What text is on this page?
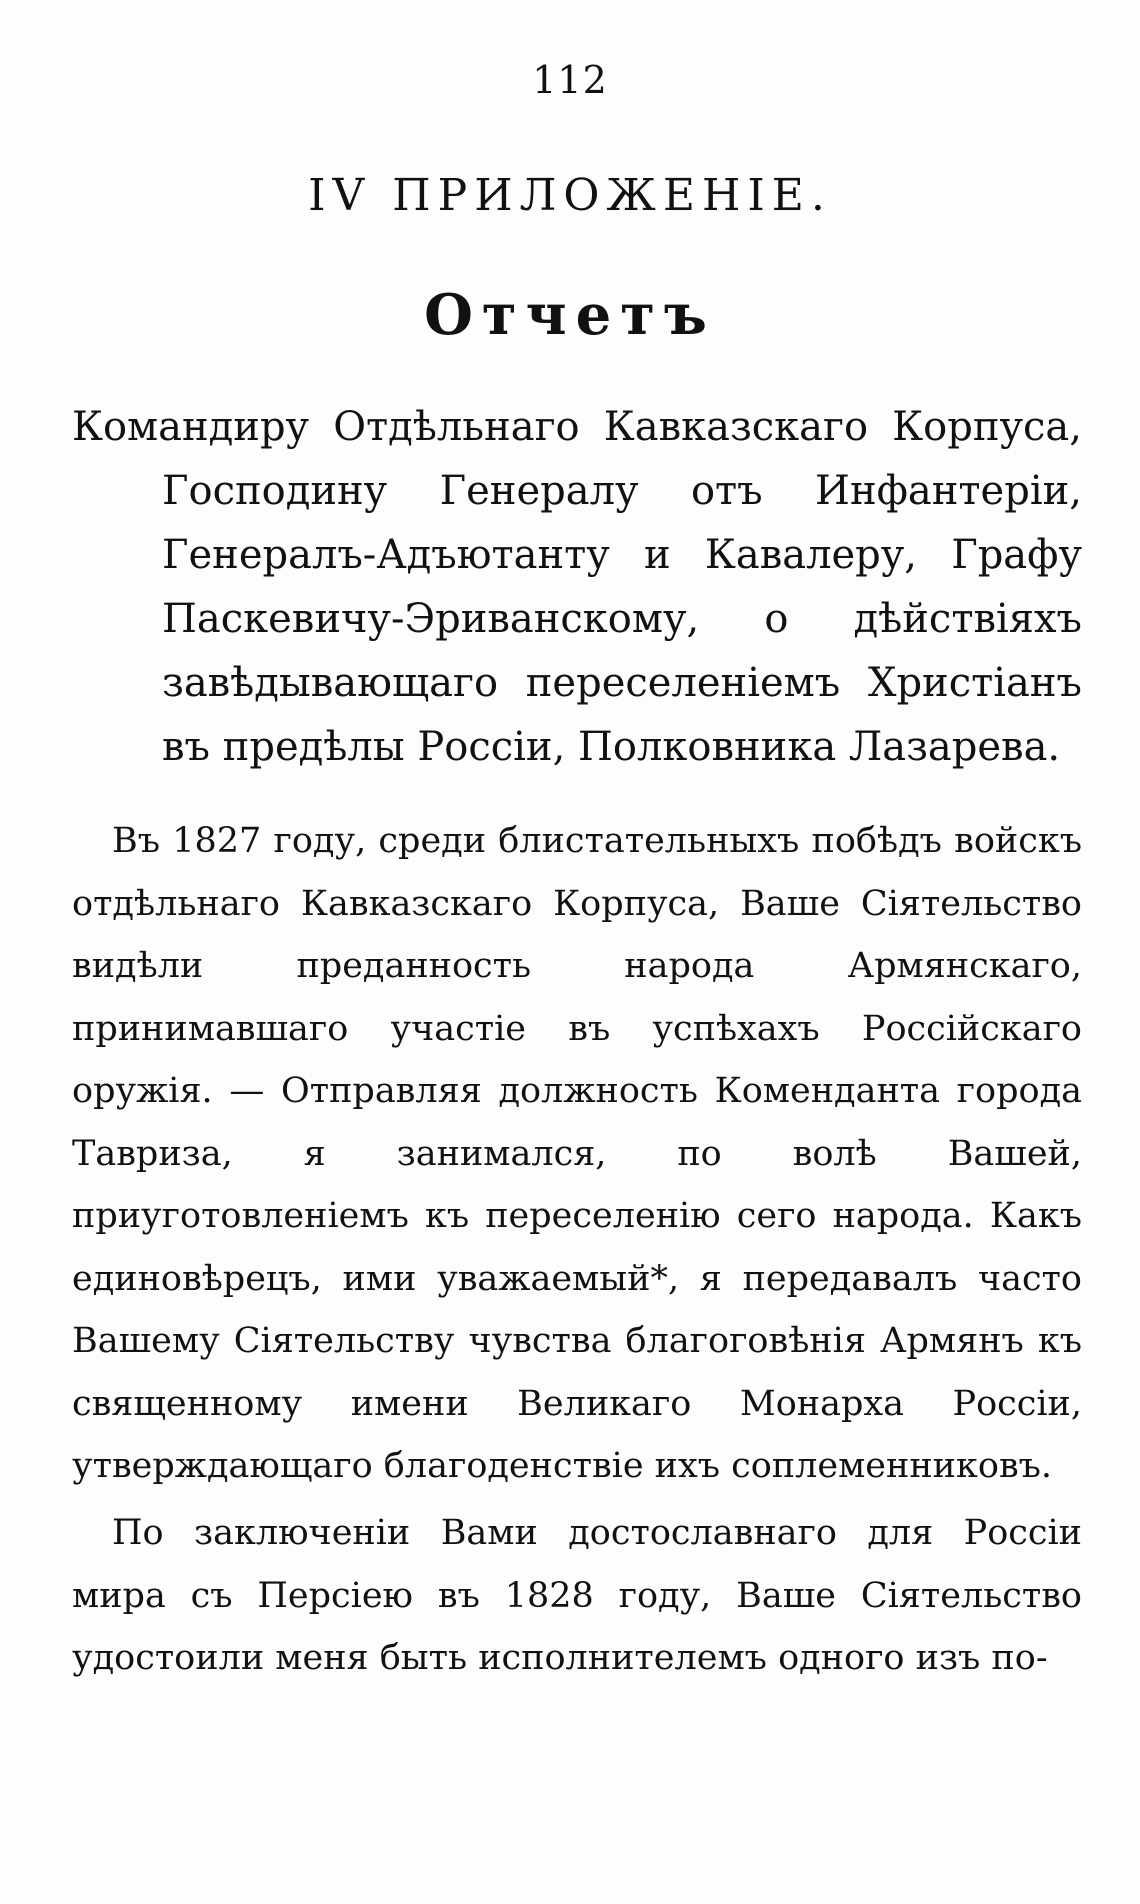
112
IV ПРИЛОЖЕНІЕ.
Отчетъ

Командиру Отдѣльнаго Кавказскаго Корпуса, Господину Генералу отъ Инфантеріи, Генералъ-Адъютанту и Кавалеру, Графу Паскевичу-Эриванскому, о дѣйствіяхъ завѣдывающаго переселеніемъ Христіанъ въ предѣлы Россіи, Полковника Лазарева.

Въ 1827 году, среди блистательныхъ побѣдъ войскъ отдѣльнаго Кавказскаго Корпуса, Ваше Сіятельство видѣли преданность народа Армянскаго, принимавшаго участіе въ успѣхахъ Россійскаго оружія. — Отправляя должность Коменданта города Тавриза, я занимался, по волѣ Вашей, приуготовленіемъ къ переселенію сего народа. Какъ единовѣрецъ, ими уважаемый*, я передавалъ часто Вашему Сіятельству чувства благоговѣнія Армянъ къ священному имени Великаго Монарха Россіи, утверждающаго благоденствіе ихъ соплеменниковъ.

По заключеніи Вами достославнаго для Россіи мира съ Персіею въ 1828 году, Ваше Сіятельство удостоили меня быть исполнителемъ одного изъ по-
